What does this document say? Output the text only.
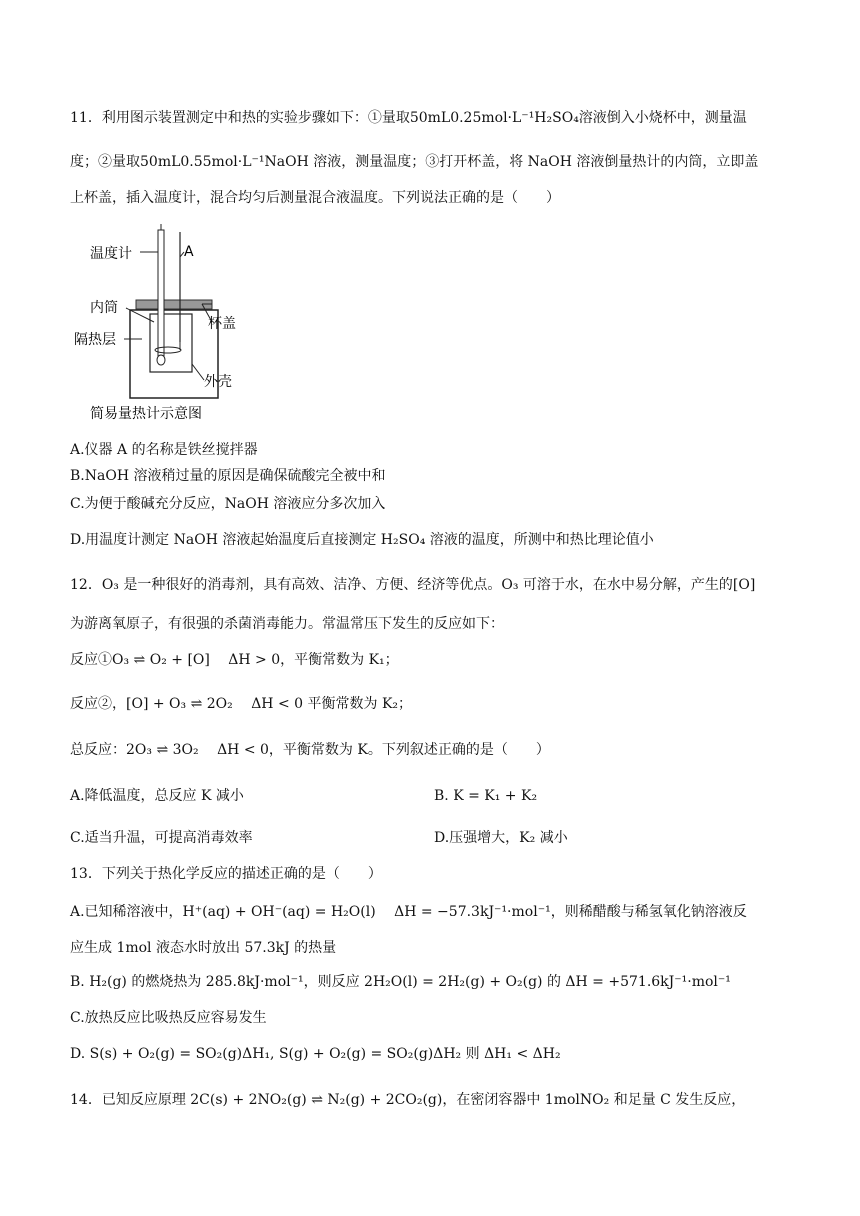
11．利用图示装置测定中和热的实验步骤如下：①量取50mL0.25mol·L⁻¹H₂SO₄溶液倒入小烧杯中，测量温
度；②量取50mL0.55mol·L⁻¹NaOH 溶液，测量温度；③打开杯盖，将 NaOH 溶液倒量热计的内筒，立即盖
上杯盖，插入温度计，混合均匀后测量混合液温度。下列说法正确的是（　　）
温度计	A
内筒
杯盖
隔热层
外壳
简易量热计示意图
A.仪器 A 的名称是铁丝搅拌器
B.NaOH 溶液稍过量的原因是确保硫酸完全被中和
C.为便于酸碱充分反应，NaOH 溶液应分多次加入
D.用温度计测定 NaOH 溶液起始温度后直接测定 H₂SO₄ 溶液的温度，所测中和热比理论值小
12．O₃ 是一种很好的消毒剂，具有高效、洁净、方便、经济等优点。O₃ 可溶于水，在水中易分解，产生的[O]
为游离氧原子，有很强的杀菌消毒能力。常温常压下发生的反应如下：
反应①O₃ ⇌ O₂ + [O]　 ΔH > 0，平衡常数为 K₁；
反应②，[O] + O₃ ⇌ 2O₂　 ΔH < 0 平衡常数为 K₂；
总反应：2O₃ ⇌ 3O₂　 ΔH < 0，平衡常数为 K。下列叙述正确的是（　　）
A.降低温度，总反应 K 减小	B. K = K₁ + K₂
C.适当升温，可提高消毒效率	D.压强增大，K₂ 减小
13．下列关于热化学反应的描述正确的是（　　）
A.已知稀溶液中，H⁺(aq) + OH⁻(aq) = H₂O(l)　 ΔH = −57.3kJ⁻¹·mol⁻¹，则稀醋酸与稀氢氧化钠溶液反
应生成 1mol 液态水时放出 57.3kJ 的热量
B. H₂(g) 的燃烧热为 285.8kJ·mol⁻¹，则反应 2H₂O(l) = 2H₂(g) + O₂(g) 的 ΔH = +571.6kJ⁻¹·mol⁻¹
C.放热反应比吸热反应容易发生
D. S(s) + O₂(g) = SO₂(g)ΔH₁, S(g) + O₂(g) = SO₂(g)ΔH₂ 则 ΔH₁ < ΔH₂
14．已知反应原理 2C(s) + 2NO₂(g) ⇌ N₂(g) + 2CO₂(g)，在密闭容器中 1molNO₂ 和足量 C 发生反应，
